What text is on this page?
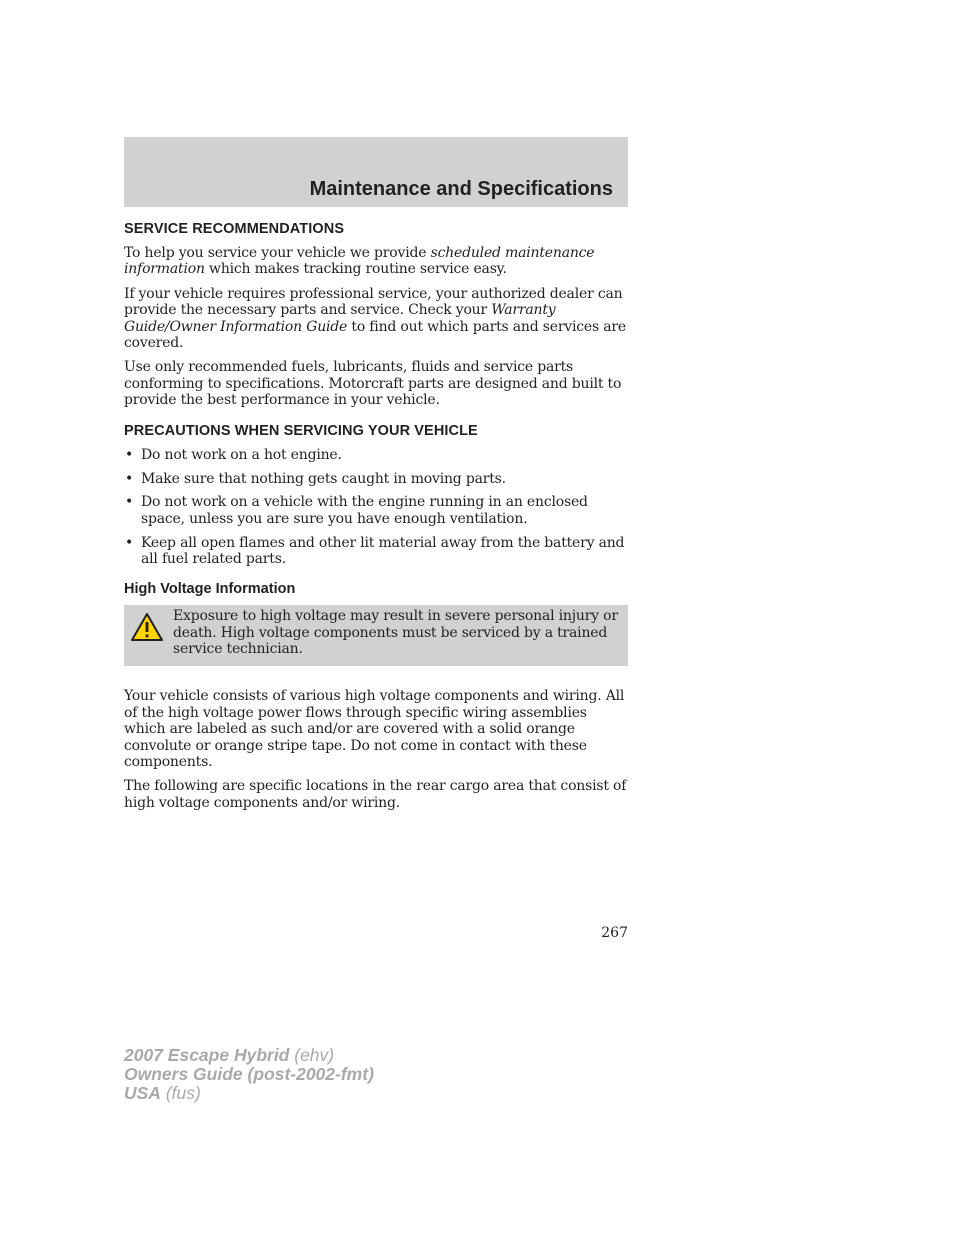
Maintenance and Specifications
SERVICE RECOMMENDATIONS

To help you service your vehicle we provide scheduled maintenance information which makes tracking routine service easy.

If your vehicle requires professional service, your authorized dealer can provide the necessary parts and service. Check your Warranty Guide/Owner Information Guide to find out which parts and services are covered.

Use only recommended fuels, lubricants, fluids and service parts conforming to specifications. Motorcraft parts are designed and built to provide the best performance in your vehicle.

PRECAUTIONS WHEN SERVICING YOUR VEHICLE
• Do not work on a hot engine.
• Make sure that nothing gets caught in moving parts.
• Do not work on a vehicle with the engine running in an enclosed space, unless you are sure you have enough ventilation.
• Keep all open flames and other lit material away from the battery and all fuel related parts.
High Voltage Information
Exposure to high voltage may result in severe personal injury or death. High voltage components must be serviced by a trained service technician.

Your vehicle consists of various high voltage components and wiring. All of the high voltage power flows through specific wiring assemblies which are labeled as such and/or are covered with a solid orange convolute or orange stripe tape. Do not come in contact with these components.

The following are specific locations in the rear cargo area that consist of high voltage components and/or wiring.

267
2007 Escape Hybrid (ehv)
Owners Guide (post-2002-fmt)
USA (fus)
